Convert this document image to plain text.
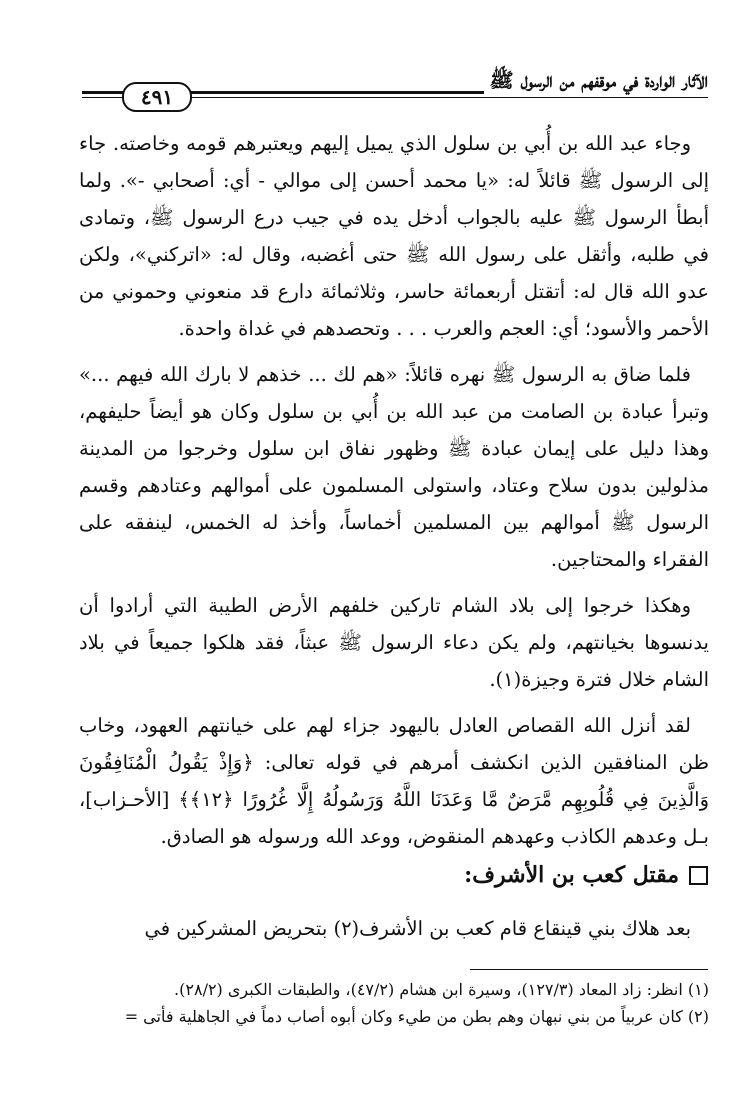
٤٩١
الآثار الواردة في موقفهم من الرسول ﷺ

وجاء عبد الله بن أُبي بن سلول الذي يميل إليهم ويعتبرهم قومه وخاصته. جاء إلى الرسول ﷺ قائلاً له: «يا محمد أحسن إلى موالي - أي: أصحابي -». ولما أبطأ الرسول ﷺ عليه بالجواب أدخل يده في جيب درع الرسول ﷺ، وتمادى في طلبه، وأثقل على رسول الله ﷺ حتى أغضبه، وقال له: «اتركني»، ولكن عدو الله قال له: أتقتل أربعمائة حاسر، وثلاثمائة دارع قد منعوني وحموني من الأحمر والأسود؛ أي: العجم والعرب . . . وتحصدهم في غداة واحدة.

فلما ضاق به الرسول ﷺ نهره قائلاً: «هم لك ... خذهم لا بارك الله فيهم ...» وتبرأ عبادة بن الصامت من عبد الله بن أُبي بن سلول وكان هو أيضاً حليفهم، وهذا دليل على إيمان عبادة ﷺ وظهور نفاق ابن سلول وخرجوا من المدينة مذلولين بدون سلاح وعتاد، واستولى المسلمون على أموالهم وعتادهم وقسم الرسول ﷺ أموالهم بين المسلمين أخماساً، وأخذ له الخمس، لينفقه على الفقراء والمحتاجين.

وهكذا خرجوا إلى بلاد الشام تاركين خلفهم الأرض الطيبة التي أرادوا أن يدنسوها بخيانتهم، ولم يكن دعاء الرسول ﷺ عبثاً، فقد هلكوا جميعاً في بلاد الشام خلال فترة وجيزة(١).

لقد أنزل الله القصاص العادل باليهود جزاء لهم على خيانتهم العهود، وخاب ظن المنافقين الذين انكشف أمرهم في قوله تعالى: ﴿وَإِذْ يَقُولُ الْمُنَافِقُونَ وَالَّذِينَ فِي قُلُوبِهِم مَّرَضٌ مَّا وَعَدَنَا اللَّهُ وَرَسُولُهُ إِلَّا غُرُورًا ﴿١٢﴾﴾ [الأحـزاب]، بـل وعدهم الكاذب وعهدهم المنقوض، ووعد الله ورسوله هو الصادق.

مقتل كعب بن الأشرف:
بعد هلاك بني قينقاع قام كعب بن الأشرف(٢) بتحريض المشركين في
(١) انظر: زاد المعاد (١٢٧/٣)، وسيرة ابن هشام (٤٧/٢)، والطبقات الكبرى (٢٨/٢).
(٢) كان عربياً من بني نبهان وهم بطن من طيء وكان أبوه أصاب دماً في الجاهلية فأتى =
